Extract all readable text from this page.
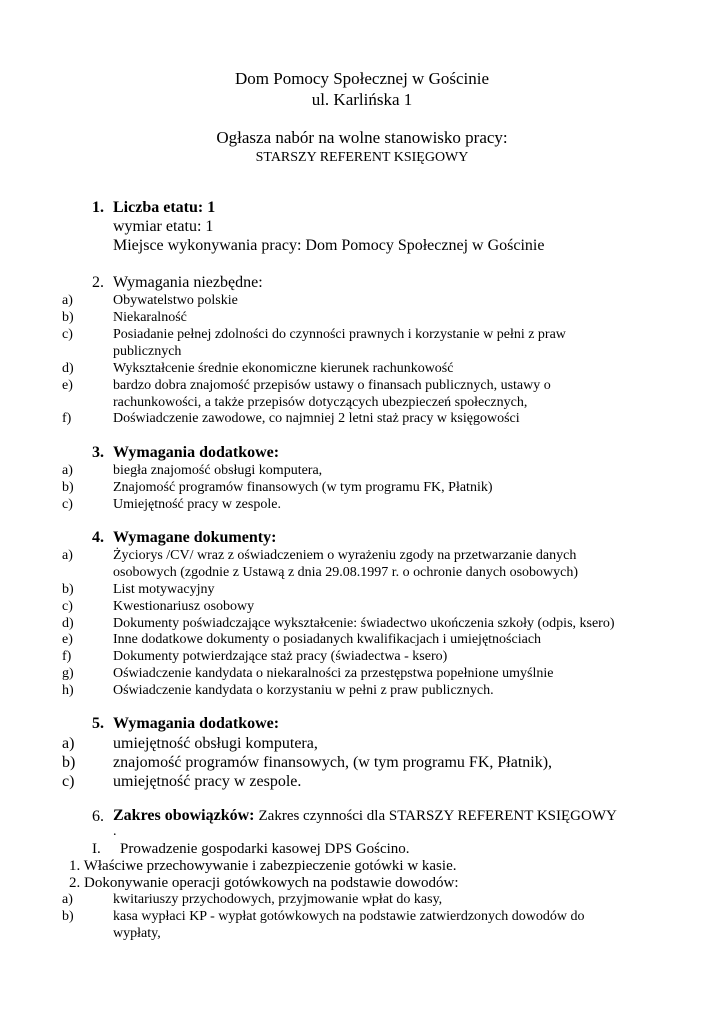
Dom Pomocy Społecznej w Gościnie
ul. Karlińska 1
Ogłasza nabór na wolne stanowisko pracy:
STARSZY REFERENT KSIĘGOWY
1. Liczba etatu: 1
wymiar etatu: 1
Miejsce wykonywania pracy: Dom Pomocy Społecznej w Gościnie
2. Wymagania niezbędne:
a)	Obywatelstwo polskie
b)	Niekaralność
c)	Posiadanie pełnej zdolności do czynności prawnych i korzystanie w pełni z praw
publicznych
d)	Wykształcenie średnie ekonomiczne kierunek rachunkowość
e)	bardzo dobra znajomość przepisów ustawy o finansach publicznych, ustawy o
rachunkowości, a także przepisów dotyczących ubezpieczeń społecznych,
f)	Doświadczenie zawodowe, co najmniej 2 letni staż pracy w księgowości
3. Wymagania dodatkowe:
a)	biegła znajomość obsługi komputera,
b)	Znajomość programów finansowych (w tym programu FK, Płatnik)
c)	Umiejętność pracy w zespole.
4. Wymagane dokumenty:
a)	Życiorys /CV/ wraz z oświadczeniem o wyrażeniu zgody na przetwarzanie danych
osobowych (zgodnie z Ustawą z dnia 29.08.1997 r. o ochronie danych osobowych)
b)	List motywacyjny
c)	Kwestionariusz osobowy
d)	Dokumenty poświadczające wykształcenie: świadectwo ukończenia szkoły (odpis, ksero)
e)	Inne dodatkowe dokumenty o posiadanych kwalifikacjach i umiejętnościach
f)	Dokumenty potwierdzające staż pracy (świadectwa - ksero)
g)	Oświadczenie kandydata o niekaralności za przestępstwa popełnione umyślnie
h)	Oświadczenie kandydata o korzystaniu w pełni z praw publicznych.
5. Wymagania dodatkowe:
a) umiejętność obsługi komputera,
b) znajomość programów finansowych, (w tym programu FK, Płatnik),
c) umiejętność pracy w zespole.
6. Zakres obowiązków: Zakres czynności dla STARSZY REFERENT KSIĘGOWY
.
I. Prowadzenie gospodarki kasowej DPS Gościno.
1. Właściwe przechowywanie i zabezpieczenie gotówki w kasie.
2. Dokonywanie operacji gotówkowych na podstawie dowodów:
a)	kwitariuszy przychodowych, przyjmowanie wpłat do kasy,
b)	kasa wypłaci KP - wypłat gotówkowych na podstawie zatwierdzonych dowodów do
wypłaty,
